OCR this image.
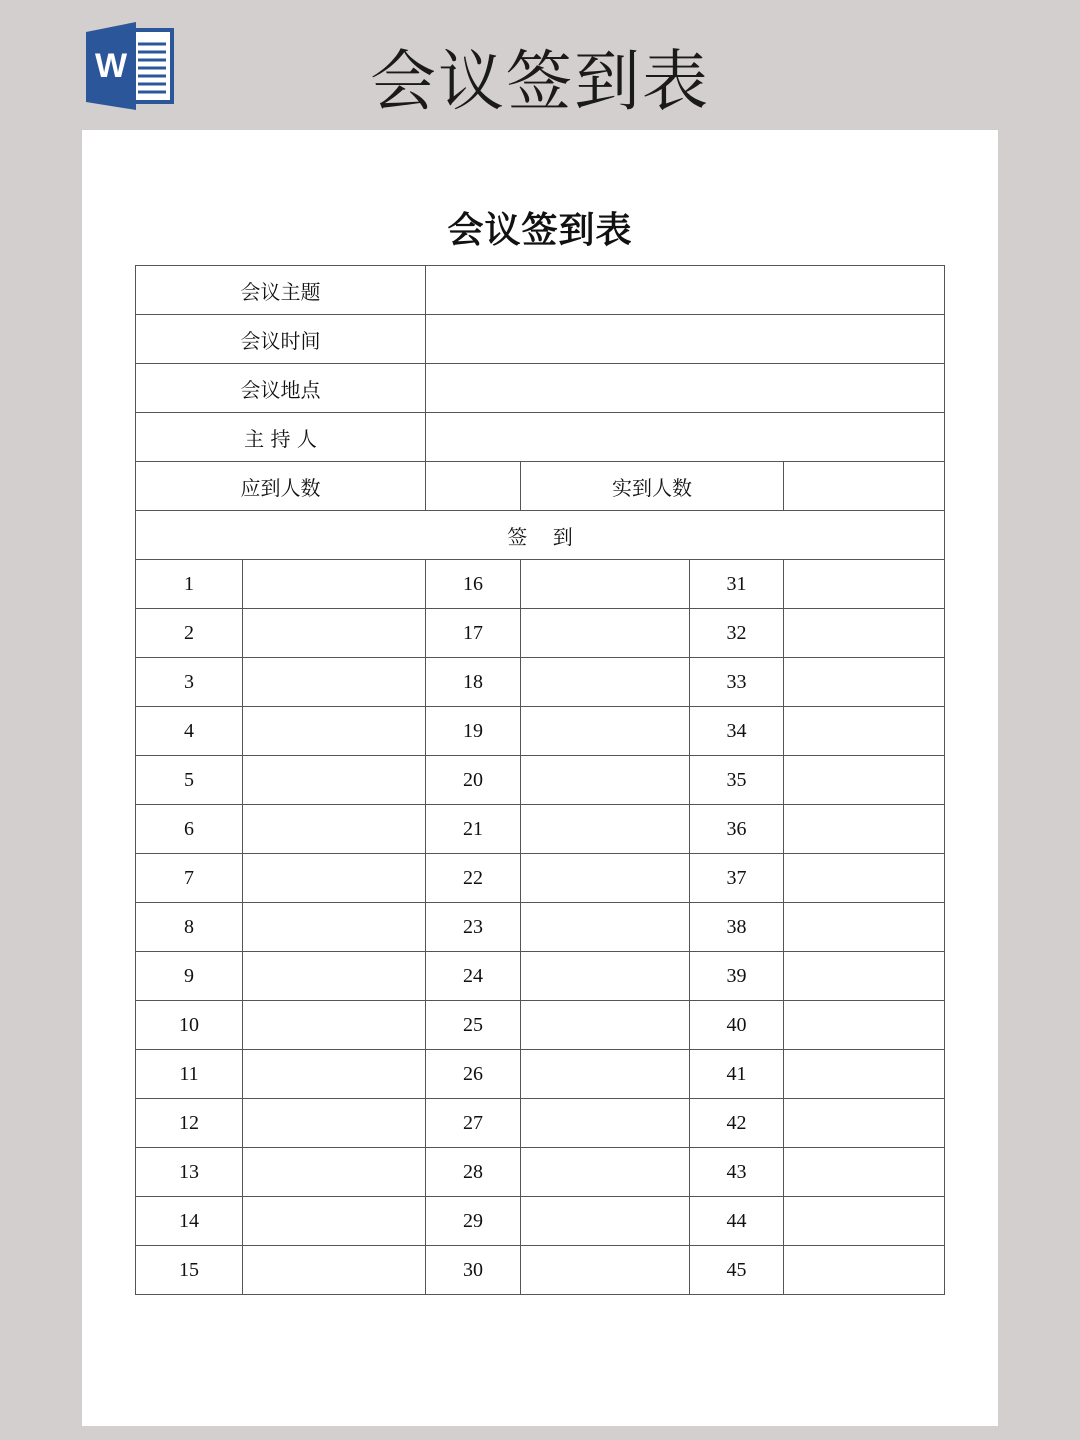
W	会议签到表
会议签到表
会议主题					
会议时间					
会议地点					
主 持 人					
应到人数			实到人数		
签    到					
1		16		31	
2		17		32	
3		18		33	
4		19		34	
5		20		35	
6		21		36	
7		22		37	
8		23		38	
9		24		39	
10		25		40	
11		26		41	
12		27		42	
13		28		43	
14		29		44	
15		30		45	
